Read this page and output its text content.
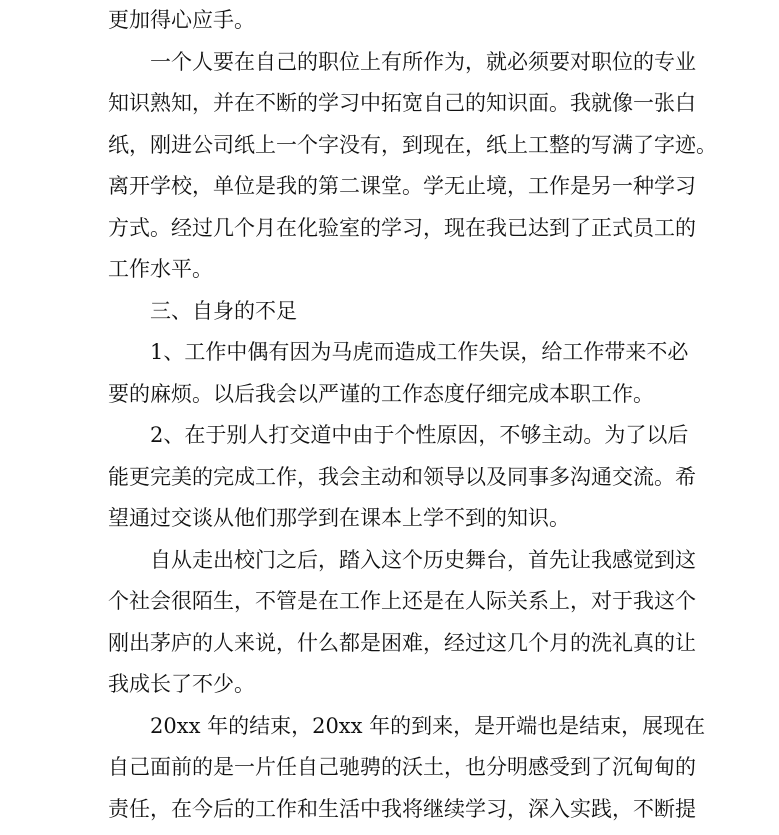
更加得心应手。
一个人要在自己的职位上有所作为，就必须要对职位的专业
知识熟知，并在不断的学习中拓宽自己的知识面。我就像一张白
纸，刚进公司纸上一个字没有，到现在，纸上工整的写满了字迹。
离开学校，单位是我的第二课堂。学无止境，工作是另一种学习
方式。经过几个月在化验室的学习，现在我已达到了正式员工的
工作水平。
三、自身的不足
1、工作中偶有因为马虎而造成工作失误，给工作带来不必
要的麻烦。以后我会以严谨的工作态度仔细完成本职工作。
2、在于别人打交道中由于个性原因，不够主动。为了以后
能更完美的完成工作，我会主动和领导以及同事多沟通交流。希
望通过交谈从他们那学到在课本上学不到的知识。
自从走出校门之后，踏入这个历史舞台，首先让我感觉到这
个社会很陌生，不管是在工作上还是在人际关系上，对于我这个
刚出茅庐的人来说，什么都是困难，经过这几个月的洗礼真的让
我成长了不少。
20xx 年的结束，20xx 年的到来，是开端也是结束，展现在
自己面前的是一片任自己驰骋的沃土，也分明感受到了沉甸甸的
责任，在今后的工作和生活中我将继续学习，深入实践，不断提
